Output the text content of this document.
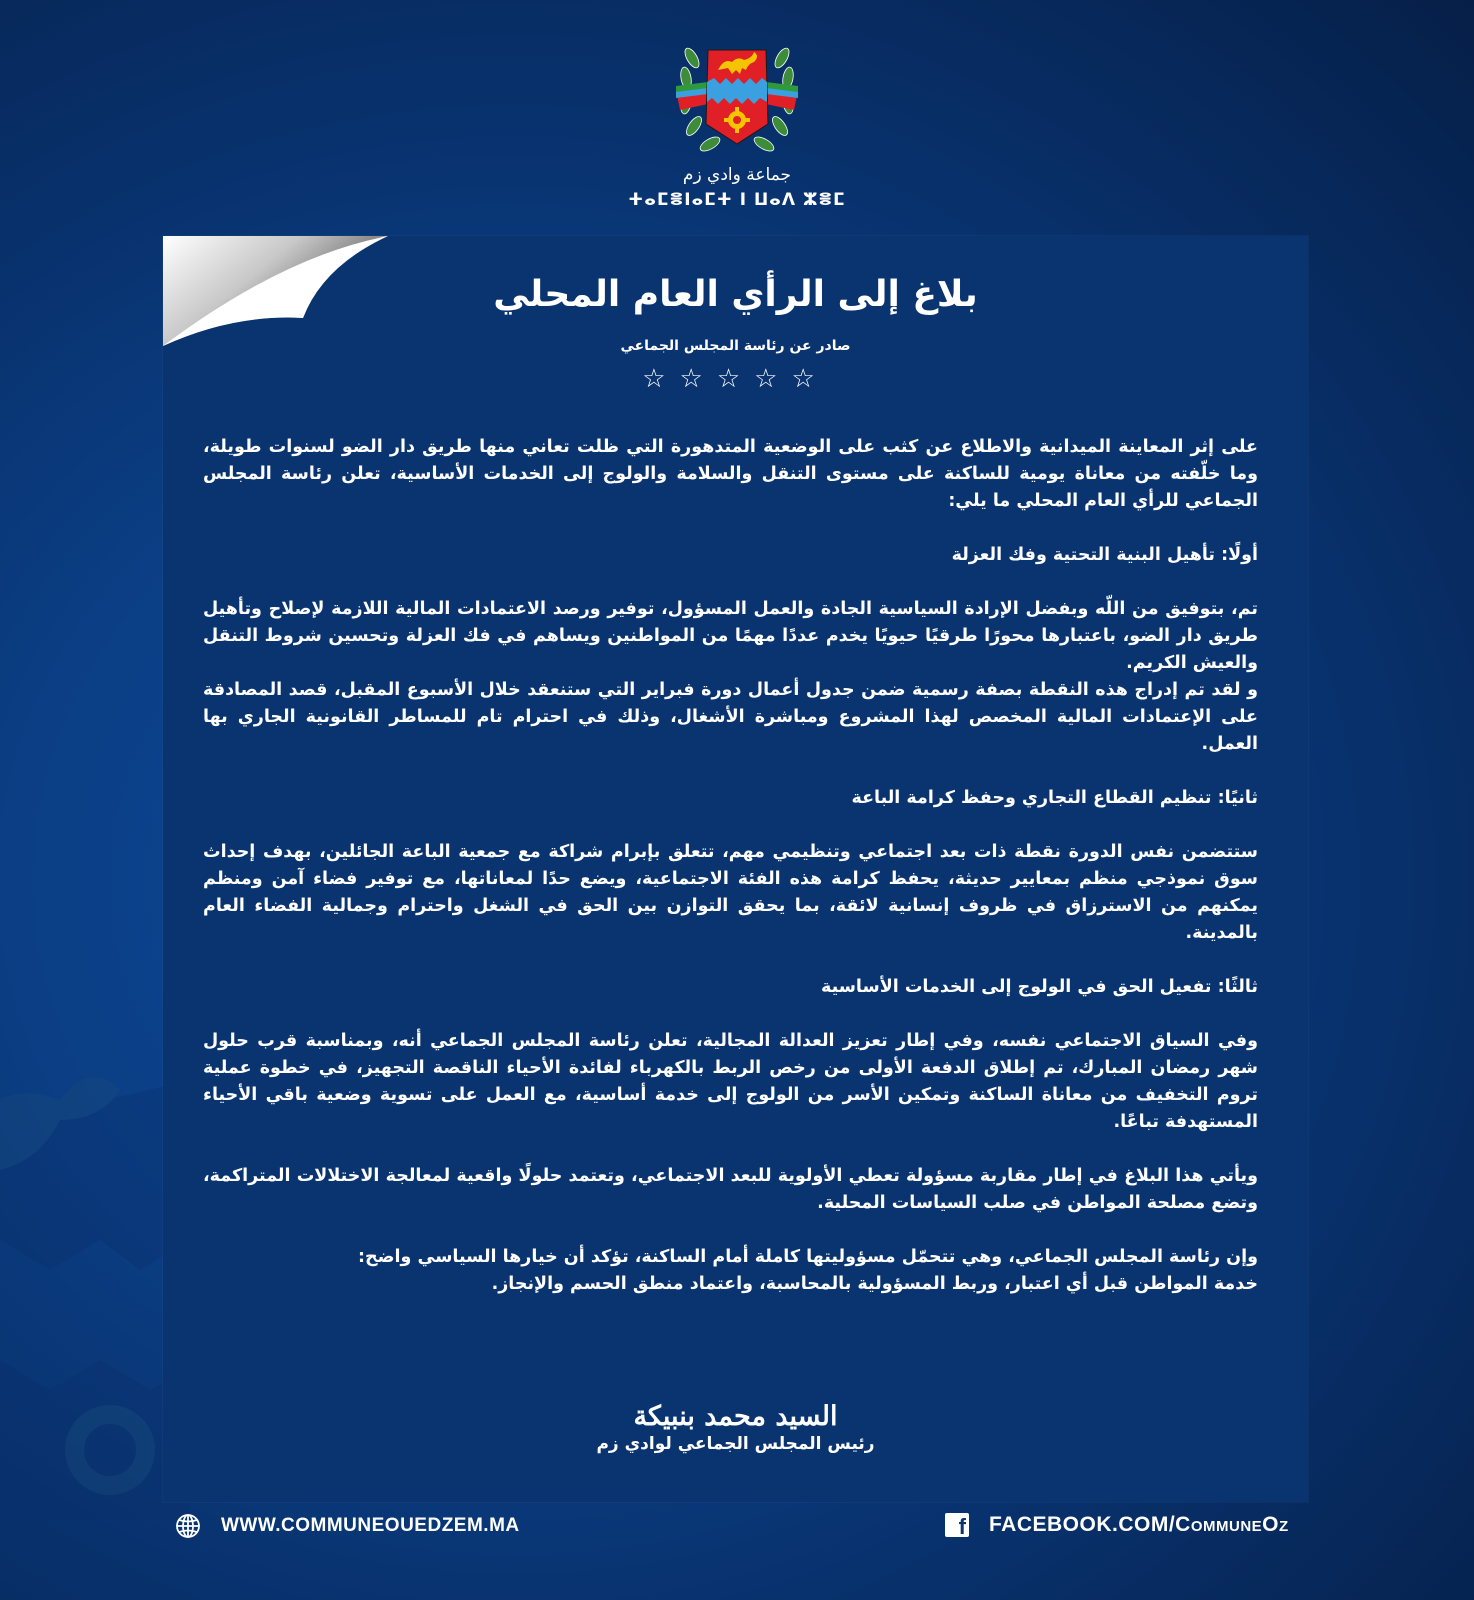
جماعة وادي زم
ⵜⴰⵎⴻⵏⴰⵎⵜ ⵏ ⵡⴰⴷ ⵣⴻⵎ
بلاغ إلى الرأي العام المحلي
صادر عن رئاسة المجلس الجماعي
☆☆☆☆☆

على إثر المعاينة الميدانية والاطلاع عن كثب على الوضعية المتدهورة التي ظلت تعاني منها طريق دار الضو لسنوات طويلة، وما خلّفته من معاناة يومية للساكنة على مستوى التنقل والسلامة والولوج إلى الخدمات الأساسية، تعلن رئاسة المجلس الجماعي للرأي العام المحلي ما يلي:

أولًا: تأهيل البنية التحتية وفك العزلة

تم، بتوفيق من اللّه وبفضل الإرادة السياسية الجادة والعمل المسؤول، توفير ورصد الاعتمادات المالية اللازمة لإصلاح وتأهيل طريق دار الضو، باعتبارها محورًا طرقيًا حيويًا يخدم عددًا مهمًا من المواطنين ويساهم في فك العزلة وتحسين شروط التنقل والعيش الكريم.

و لقد تم إدراج هذه النقطة بصفة رسمية ضمن جدول أعمال دورة فبراير التي ستنعقد خلال الأسبوع المقبل، قصد المصادقة على الإعتمادات المالية المخصص لهذا المشروع ومباشرة الأشغال، وذلك في احترام تام للمساطر القانونية الجاري بها العمل.

ثانيًا: تنظيم القطاع التجاري وحفظ كرامة الباعة

ستتضمن نفس الدورة نقطة ذات بعد اجتماعي وتنظيمي مهم، تتعلق بإبرام شراكة مع جمعية الباعة الجائلين، بهدف إحداث سوق نموذجي منظم بمعايير حديثة، يحفظ كرامة هذه الفئة الاجتماعية، ويضع حدًا لمعاناتها، مع توفير فضاء آمن ومنظم يمكنهم من الاسترزاق في ظروف إنسانية لائقة، بما يحقق التوازن بين الحق في الشغل واحترام وجمالية الفضاء العام بالمدينة.

ثالثًا: تفعيل الحق في الولوج إلى الخدمات الأساسية

وفي السياق الاجتماعي نفسه، وفي إطار تعزيز العدالة المجالية، تعلن رئاسة المجلس الجماعي أنه، وبمناسبة قرب حلول شهر رمضان المبارك، تم إطلاق الدفعة الأولى من رخص الربط بالكهرباء لفائدة الأحياء الناقصة التجهيز، في خطوة عملية تروم التخفيف من معاناة الساكنة وتمكين الأسر من الولوج إلى خدمة أساسية، مع العمل على تسوية وضعية باقي الأحياء المستهدفة تباعًا.

ويأتي هذا البلاغ في إطار مقاربة مسؤولة تعطي الأولوية للبعد الاجتماعي، وتعتمد حلولًا واقعية لمعالجة الاختلالات المتراكمة، وتضع مصلحة المواطن في صلب السياسات المحلية.

وإن رئاسة المجلس الجماعي، وهي تتحمّل مسؤوليتها كاملة أمام الساكنة، تؤكد أن خيارها السياسي واضح:

خدمة المواطن قبل أي اعتبار، وربط المسؤولية بالمحاسبة، واعتماد منطق الحسم والإنجاز.

السيد محمد بنبيكة
رئيس المجلس الجماعي لوادي زم
WWW.COMMUNEOUEDZEM.MA	f FACEBOOK.COM/CommuneOz
